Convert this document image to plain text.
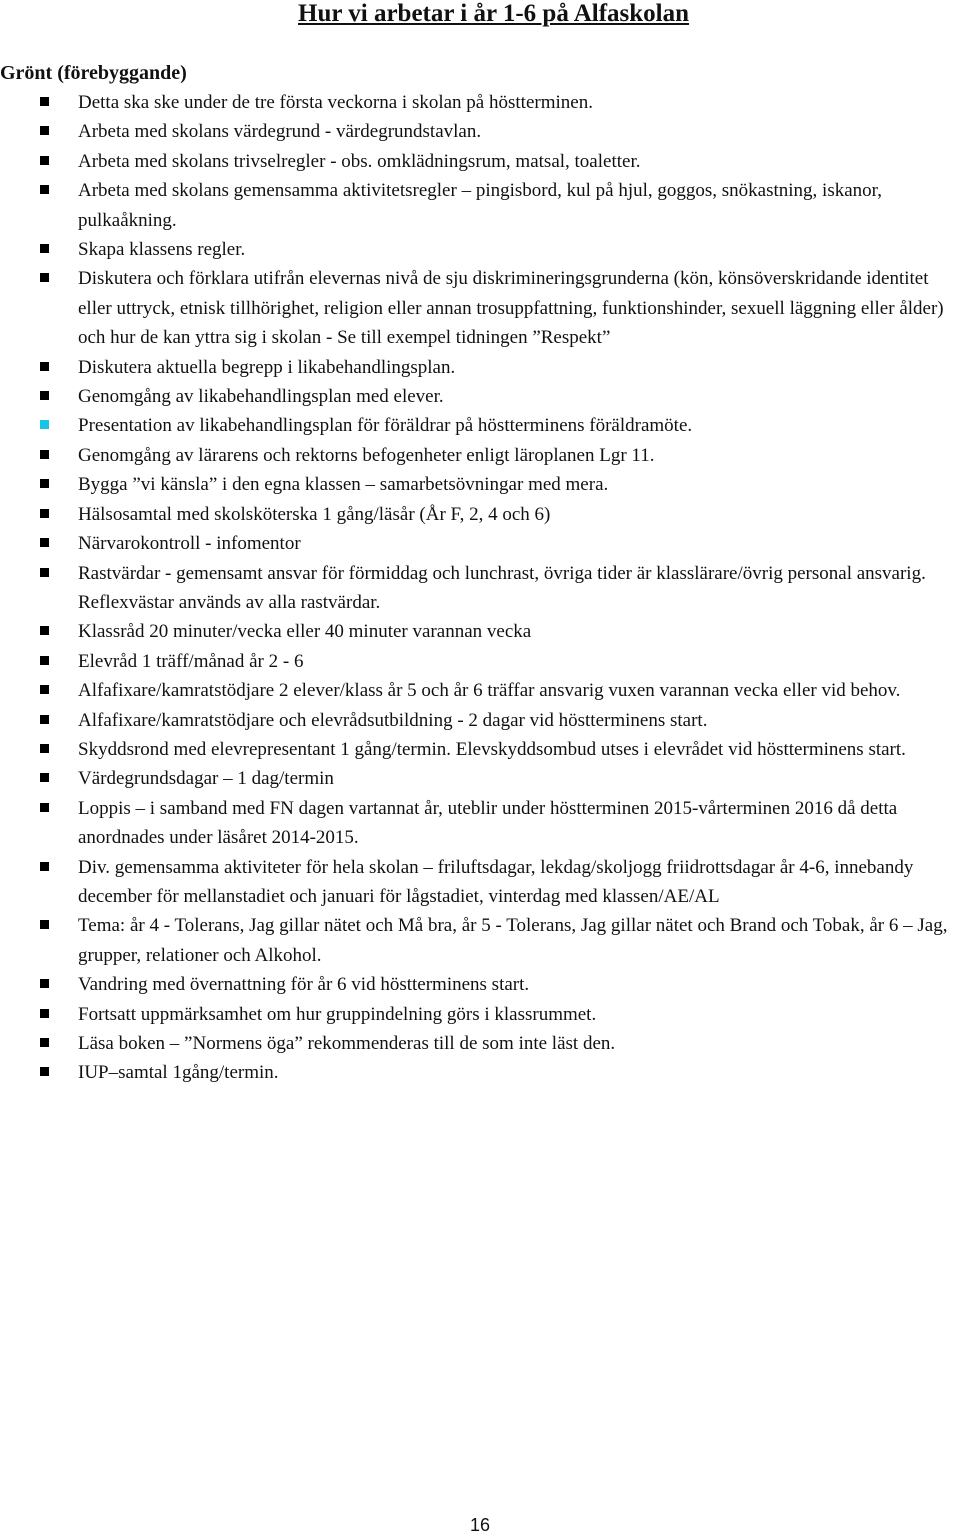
Hur vi arbetar i år 1-6 på Alfaskolan
Grönt (förebyggande)
Detta ska ske under de tre första veckorna i skolan på höstterminen.
Arbeta med skolans värdegrund - värdegrundstavlan.
Arbeta med skolans trivselregler - obs. omklädningsrum, matsal, toaletter.
Arbeta med skolans gemensamma aktivitetsregler – pingisbord, kul på hjul, goggos, snökastning, iskanor, pulkaåkning.
Skapa klassens regler.
Diskutera och förklara utifrån elevernas nivå de sju diskrimineringsgrunderna (kön, könsöverskridande identitet eller uttryck, etnisk tillhörighet, religion eller annan trosuppfattning, funktionshinder, sexuell läggning eller ålder) och hur de kan yttra sig i skolan - Se till exempel tidningen ”Respekt”
Diskutera aktuella begrepp i likabehandlingsplan.
Genomgång av likabehandlingsplan med elever.
Presentation av likabehandlingsplan för föräldrar på höstterminens föräldramöte.
Genomgång av lärarens och rektorns befogenheter enligt läroplanen Lgr 11.
Bygga ”vi känsla” i den egna klassen – samarbetsövningar med mera.
Hälsosamtal med skolsköterska 1 gång/läsår (År F, 2, 4 och 6)
Närvarokontroll - infomentor
Rastvärdar - gemensamt ansvar för förmiddag och lunchrast, övriga tider är klasslärare/övrig personal ansvarig. Reflexvästar används av alla rastvärdar.
Klassråd 20 minuter/vecka eller 40 minuter varannan vecka
Elevråd 1 träff/månad år 2 - 6
Alfafixare/kamratstödjare 2 elever/klass år 5 och år 6 träffar ansvarig vuxen varannan vecka eller vid behov.
Alfafixare/kamratstödjare och elevrådsutbildning - 2 dagar vid höstterminens start.
Skyddsrond med elevrepresentant 1 gång/termin. Elevskyddsombud utses i elevrådet vid höstterminens start.
Värdegrundsdagar – 1 dag/termin
Loppis – i samband med FN dagen vartannat år, uteblir under höstterminen 2015-vårterminen 2016 då detta anordnades under läsåret 2014-2015.
Div. gemensamma aktiviteter för hela skolan – friluftsdagar, lekdag/skoljogg friidrottsdagar år 4-6, innebandy december för mellanstadiet och januari för lågstadiet, vinterdag med klassen/AE/AL
Tema: år 4 - Tolerans, Jag gillar nätet och Må bra, år 5 - Tolerans, Jag gillar nätet och Brand och Tobak, år 6 – Jag, grupper, relationer och Alkohol.
Vandring med övernattning för år 6 vid höstterminens start.
Fortsatt uppmärksamhet om hur gruppindelning görs i klassrummet.
Läsa boken – ”Normens öga” rekommenderas till de som inte läst den.
IUP–samtal 1gång/termin.

16
